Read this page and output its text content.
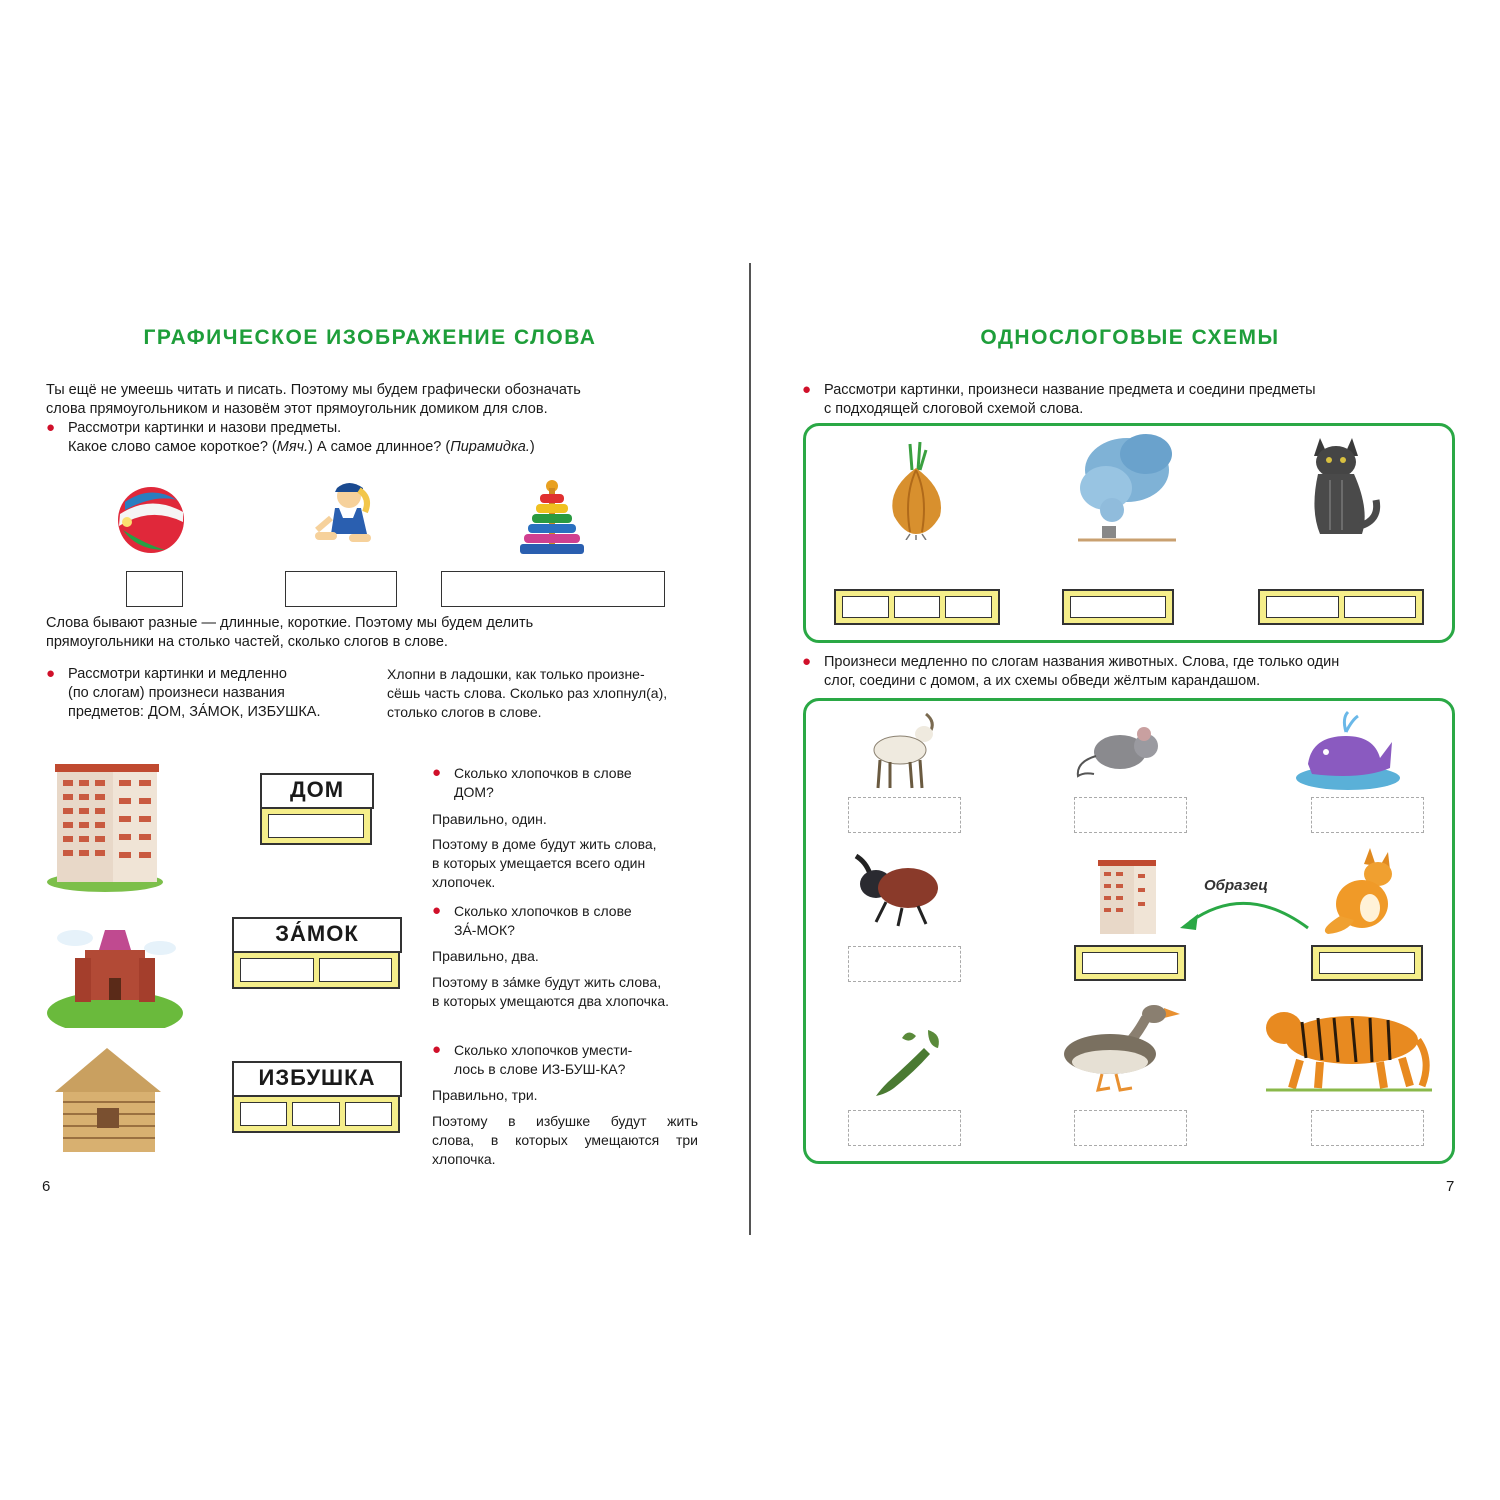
ГРАФИЧЕСКОЕ ИЗОБРАЖЕНИЕ СЛОВА
Ты ещё не умеешь читать и писать. Поэтому мы будем графически обозначать
слова прямоугольником и назовём этот прямоугольник домиком для слов.
● Рассмотри картинки и назови предметы.
Какое слово самое короткое? (Мяч.) А самое длинное? (Пирамидка.)
Слова бывают разные — длинные, короткие. Поэтому мы будем делить
прямоугольники на столько частей, сколько слогов в слове.
● Рассмотри картинки и медленно
(по слогам) произнеси названия
предметов: ДОМ, ЗА́МОК, ИЗБУШКА.
Хлопни в ладошки, как только произне-
сёшь часть слова. Сколько раз хлопнул(а),
столько слогов в слове.
ДОМ
ЗА́МОК
ИЗБУШКА
● Сколько хлопочков в слове
ДОМ?
Правильно, один.
Поэтому в доме будут жить слова,
в которых умещается всего один
хлопочек.
● Сколько хлопочков в слове
ЗА́-МОК?
Правильно, два.
Поэтому в за́мке будут жить слова,
в которых умещаются два хлопочка.
● Сколько хлопочков умести-
лось в слове ИЗ-БУШ-КА?
Правильно, три.
Поэтому в избушке будут жить
слова, в которых умещаются три
хлопочка.
6
ОДНОСЛОГОВЫЕ СХЕМЫ
● Рассмотри картинки, произнеси название предмета и соедини предметы
с подходящей слоговой схемой слова.
● Произнеси медленно по слогам названия животных. Слова, где только один
слог, соедини с домом, а их схемы обведи жёлтым карандашом.
Образец
7
